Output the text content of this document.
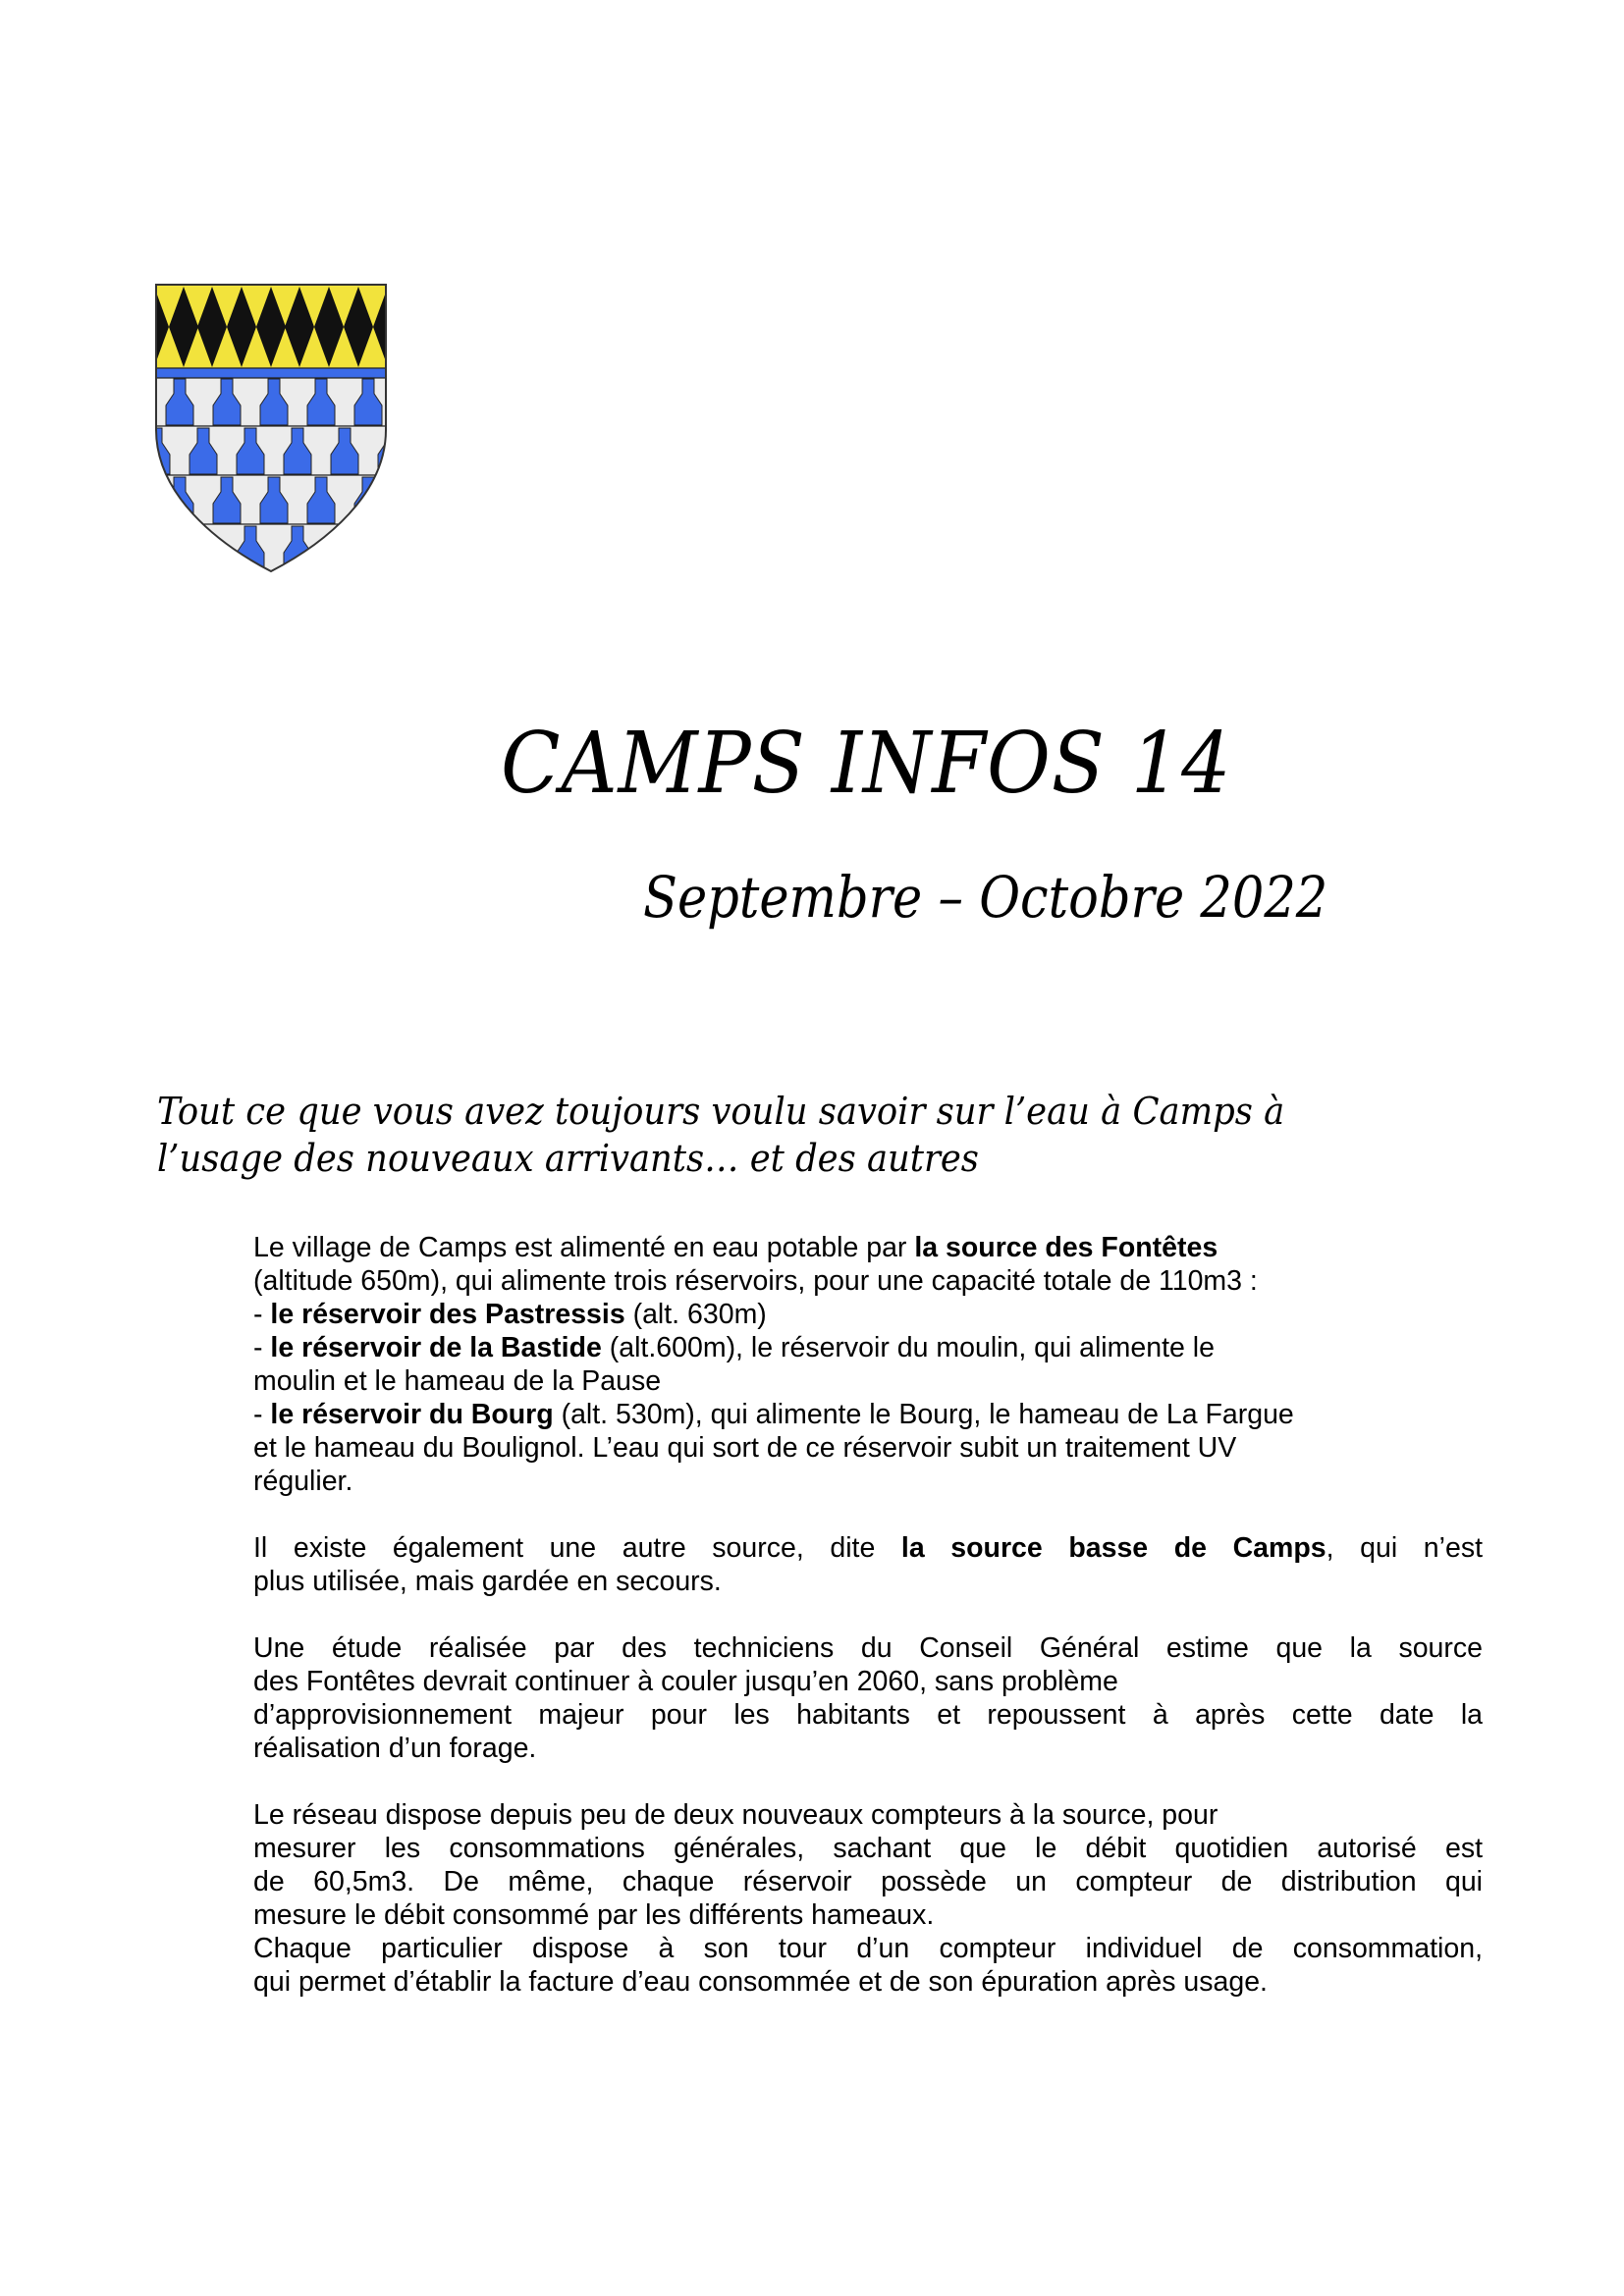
CAMPS INFOS 14
Septembre – Octobre 2022
Tout ce que vous avez toujours voulu savoir sur l’eau à Camps à
l’usage des nouveaux arrivants… et des autres

Le village de Camps est alimenté en eau potable par la source des Fontêtes
(altitude 650m), qui alimente trois réservoirs, pour une capacité totale de 110m3 :
- le réservoir des Pastressis (alt. 630m)
- le réservoir de la Bastide (alt.600m), le réservoir du moulin, qui alimente le
moulin et le hameau de la Pause
- le réservoir du Bourg (alt. 530m), qui alimente le Bourg, le hameau de La Fargue
et le hameau du Boulignol. L’eau qui sort de ce réservoir subit un traitement UV
régulier.

Il existe également une autre source, dite la source basse de Camps, qui n’est
plus utilisée, mais gardée en secours.

Une étude réalisée par des techniciens du Conseil Général estime que la source
des Fontêtes devrait continuer à couler jusqu’en 2060, sans problème
d’approvisionnement majeur pour les habitants et repoussent à après cette date la
réalisation d’un forage.

Le réseau dispose depuis peu de deux nouveaux compteurs à la source, pour
mesurer les consommations générales, sachant que le débit quotidien autorisé est
de 60,5m3. De même, chaque réservoir possède un compteur de distribution qui
mesure le débit consommé par les différents hameaux.
Chaque particulier dispose à son tour d’un compteur individuel de consommation,
qui permet d’établir la facture d’eau consommée et de son épuration après usage.
